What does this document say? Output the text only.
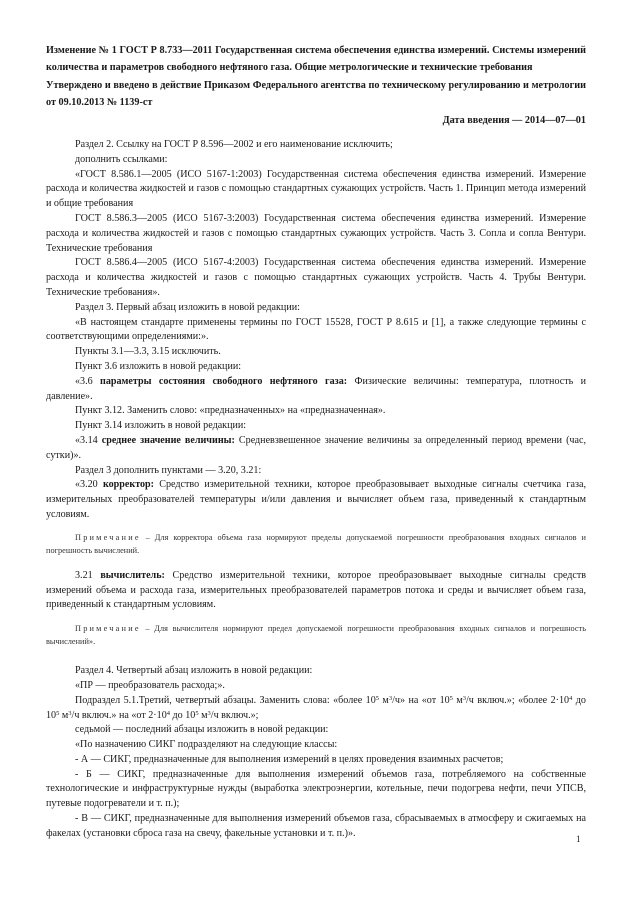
Изменение № 1 ГОСТ Р 8.733—2011 Государственная система обеспечения единства измерений. Системы измерений количества и параметров свободного нефтяного газа. Общие метрологические и технические требования

Утверждено и введено в действие Приказом Федерального агентства по техническому регулированию и метрологии от 09.10.2013 № 1139-ст

Дата введения — 2014—07—01

Раздел 2. Ссылку на ГОСТ Р 8.596—2002 и его наименование исключить;

дополнить ссылками:

«ГОСТ 8.586.1—2005 (ИСО 5167-1:2003) Государственная система обеспечения единства измерений. Измерение расхода и количества жидкостей и газов с помощью стандартных сужающих устройств. Часть 1. Принцип метода измерений и общие требования

ГОСТ 8.586.3—2005 (ИСО 5167-3:2003) Государственная система обеспечения единства измерений. Измерение расхода и количества жидкостей и газов с помощью стандартных сужающих устройств. Часть 3. Сопла и сопла Вентури. Технические требования

ГОСТ 8.586.4—2005 (ИСО 5167-4:2003) Государственная система обеспечения единства измерений. Измерение расхода и количества жидкостей и газов с помощью стандартных сужающих устройств. Часть 4. Трубы Вентури. Технические требования».

Раздел 3. Первый абзац изложить в новой редакции:

«В настоящем стандарте применены термины по ГОСТ 15528, ГОСТ Р 8.615 и [1], а также следующие термины с соответствующими определениями:».

Пункты 3.1—3.3, 3.15 исключить.

Пункт 3.6 изложить в новой редакции:

«3.6 параметры состояния свободного нефтяного газа: Физические величины: температура, плотность и давление».

Пункт 3.12. Заменить слово: «предназначенных» на «предназначенная».

Пункт 3.14 изложить в новой редакции:

«3.14 среднее значение величины: Средневзвешенное значение величины за определенный период времени (час, сутки)».

Раздел 3 дополнить пунктами — 3.20, 3.21:

«3.20 корректор: Средство измерительной техники, которое преобразовывает выходные сигналы счетчика газа, измерительных преобразователей температуры и/или давления и вычисляет объем газа, приведенный к стандартным условиям.

Примечание – Для корректора объема газа нормируют пределы допускаемой погрешности преобразования входных сигналов и погрешность вычислений.

3.21 вычислитель: Средство измерительной техники, которое преобразовывает выходные сигналы средств измерений объема и расхода газа, измерительных преобразователей параметров потока и среды и вычисляет объем газа, приведенный к стандартным условиям.

Примечание – Для вычислителя нормируют предел допускаемой погрешности преобразования входных сигналов и погрешность вычислений».

Раздел 4. Четвертый абзац изложить в новой редакции:

«ПР — преобразователь расхода;».

Подраздел 5.1.Третий, четвертый абзацы. Заменить слова: «более $10^5$ $м^3/ч$» на «от $10^5$ $м^3/ч$ включ.»; «более $2\cdot 10^4$ до $10^5$ $м^3/ч$ включ.» на «от $2\cdot 10^4$ до $10^5$ $м^3/ч$ включ.»;

седьмой — последний абзацы изложить в новой редакции:

«По назначению СИКГ подразделяют на следующие классы:

- А — СИКГ, предназначенные для выполнения измерений в целях проведения взаимных расчетов;

- Б — СИКГ, предназначенные для выполнения измерений объемов газа, потребляемого на собственные технологические и инфраструктурные нужды (выработка электроэнергии, котельные, печи подогрева нефти, печи УПСВ, путевые подогреватели и т. п.);

- В — СИКГ, предназначенные для выполнения измерений объемов газа, сбрасываемых в атмосферу и сжигаемых на факелах (установки сброса газа на свечу, факельные установки и т. п.)».

1
